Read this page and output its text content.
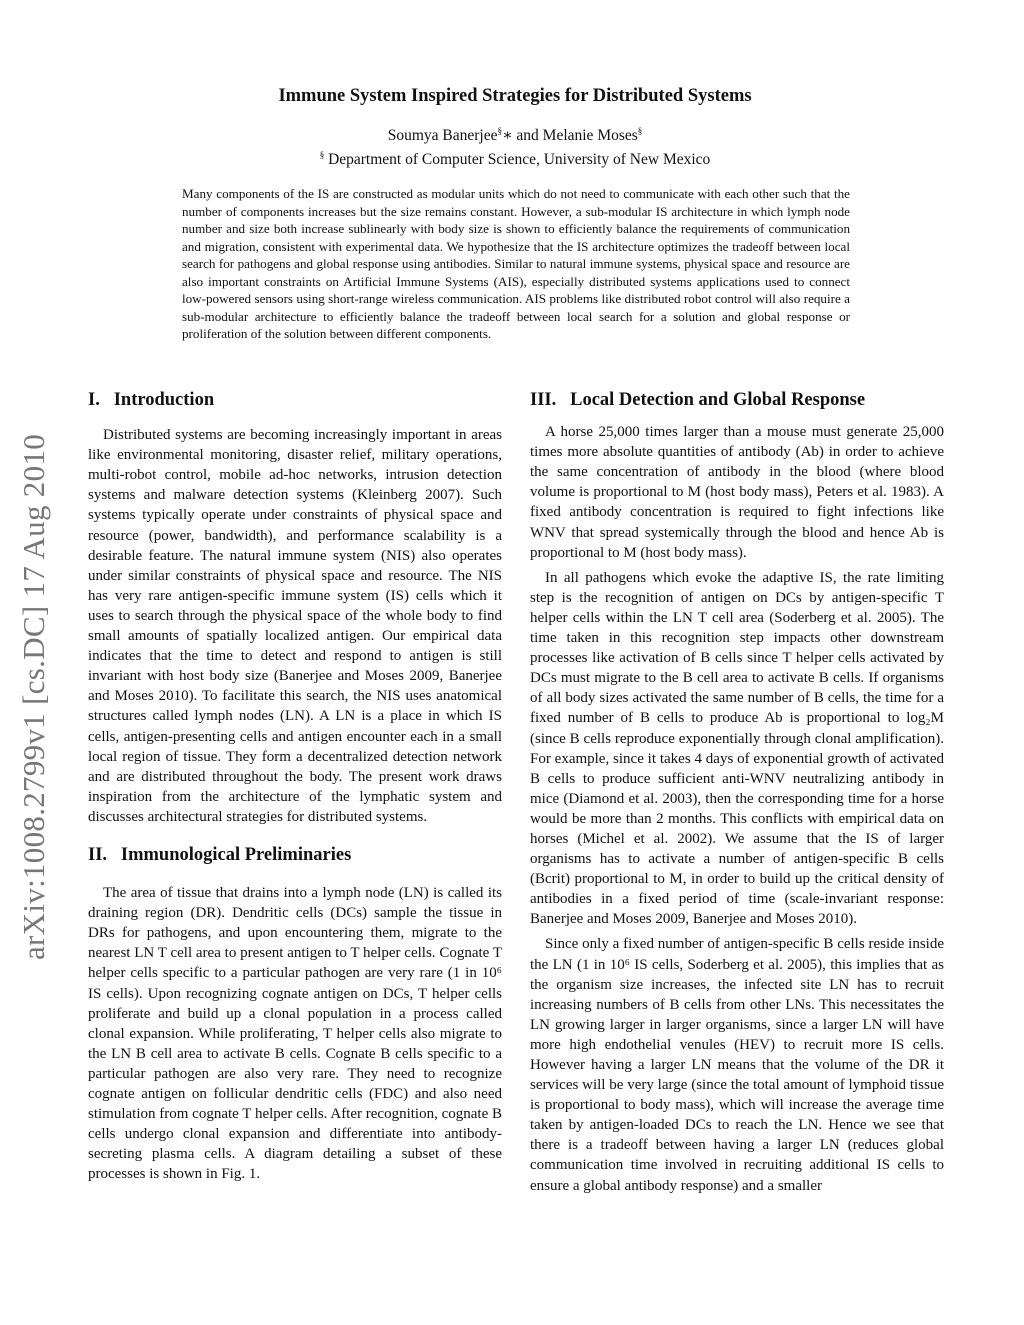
arXiv:1008.2799v1 [cs.DC] 17 Aug 2010
Immune System Inspired Strategies for Distributed Systems
Soumya Banerjee§∗ and Melanie Moses§
§ Department of Computer Science, University of New Mexico
Many components of the IS are constructed as modular units which do not need to communicate with each other such that the number of components increases but the size remains constant. However, a sub-modular IS architecture in which lymph node number and size both increase sublinearly with body size is shown to efficiently balance the requirements of communication and migration, consistent with experimental data. We hypothesize that the IS architecture optimizes the tradeoff between local search for pathogens and global response using antibodies. Similar to natural immune systems, physical space and resource are also important constraints on Artificial Immune Systems (AIS), especially distributed systems applications used to connect low-powered sensors using short-range wireless communication. AIS problems like distributed robot control will also require a sub-modular architecture to efficiently balance the tradeoff between local search for a solution and global response or proliferation of the solution between different components.
I.   Introduction

Distributed systems are becoming increasingly important in areas like environmental monitoring, disaster relief, military operations, multi-robot control, mobile ad-hoc networks, intrusion detection systems and malware detection systems (Kleinberg 2007). Such systems typically operate under constraints of physical space and resource (power, bandwidth), and performance scalability is a desirable feature. The natural immune system (NIS) also operates under similar constraints of physical space and resource. The NIS has very rare antigen-specific immune system (IS) cells which it uses to search through the physical space of the whole body to find small amounts of spatially localized antigen. Our empirical data indicates that the time to detect and respond to antigen is still invariant with host body size (Banerjee and Moses 2009, Banerjee and Moses 2010). To facilitate this search, the NIS uses anatomical structures called lymph nodes (LN). A LN is a place in which IS cells, antigen-presenting cells and antigen encounter each in a small local region of tissue. They form a decentralized detection network and are distributed throughout the body. The present work draws inspiration from the architecture of the lymphatic system and discusses architectural strategies for distributed systems.

II.   Immunological Preliminaries

The area of tissue that drains into a lymph node (LN) is called its draining region (DR). Dendritic cells (DCs) sample the tissue in DRs for pathogens, and upon encountering them, migrate to the nearest LN T cell area to present antigen to T helper cells. Cognate T helper cells specific to a particular pathogen are very rare (1 in 10⁶ IS cells). Upon recognizing cognate antigen on DCs, T helper cells proliferate and build up a clonal population in a process called clonal expansion. While proliferating, T helper cells also migrate to the LN B cell area to activate B cells. Cognate B cells specific to a particular pathogen are also very rare. They need to recognize cognate antigen on follicular dendritic cells (FDC) and also need stimulation from cognate T helper cells. After recognition, cognate B cells undergo clonal expansion and differentiate into antibody-secreting plasma cells. A diagram detailing a subset of these processes is shown in Fig. 1.

III.   Local Detection and Global Response

A horse 25,000 times larger than a mouse must generate 25,000 times more absolute quantities of antibody (Ab) in order to achieve the same concentration of antibody in the blood (where blood volume is proportional to M (host body mass), Peters et al. 1983). A fixed antibody concentration is required to fight infections like WNV that spread systemically through the blood and hence Ab is proportional to M (host body mass).

In all pathogens which evoke the adaptive IS, the rate limiting step is the recognition of antigen on DCs by antigen-specific T helper cells within the LN T cell area (Soderberg et al. 2005). The time taken in this recognition step impacts other downstream processes like activation of B cells since T helper cells activated by DCs must migrate to the B cell area to activate B cells. If organisms of all body sizes activated the same number of B cells, the time for a fixed number of B cells to produce Ab is proportional to log₂M (since B cells reproduce exponentially through clonal amplification). For example, since it takes 4 days of exponential growth of activated B cells to produce sufficient anti-WNV neutralizing antibody in mice (Diamond et al. 2003), then the corresponding time for a horse would be more than 2 months. This conflicts with empirical data on horses (Michel et al. 2002). We assume that the IS of larger organisms has to activate a number of antigen-specific B cells (Bcrit) proportional to M, in order to build up the critical density of antibodies in a fixed period of time (scale-invariant response: Banerjee and Moses 2009, Banerjee and Moses 2010).

Since only a fixed number of antigen-specific B cells reside inside the LN (1 in 10⁶ IS cells, Soderberg et al. 2005), this implies that as the organism size increases, the infected site LN has to recruit increasing numbers of B cells from other LNs. This necessitates the LN growing larger in larger organisms, since a larger LN will have more high endothelial venules (HEV) to recruit more IS cells. However having a larger LN means that the volume of the DR it services will be very large (since the total amount of lymphoid tissue is proportional to body mass), which will increase the average time taken by antigen-loaded DCs to reach the LN. Hence we see that there is a tradeoff between having a larger LN (reduces global communication time involved in recruiting additional IS cells to ensure a global antibody response) and a smaller
